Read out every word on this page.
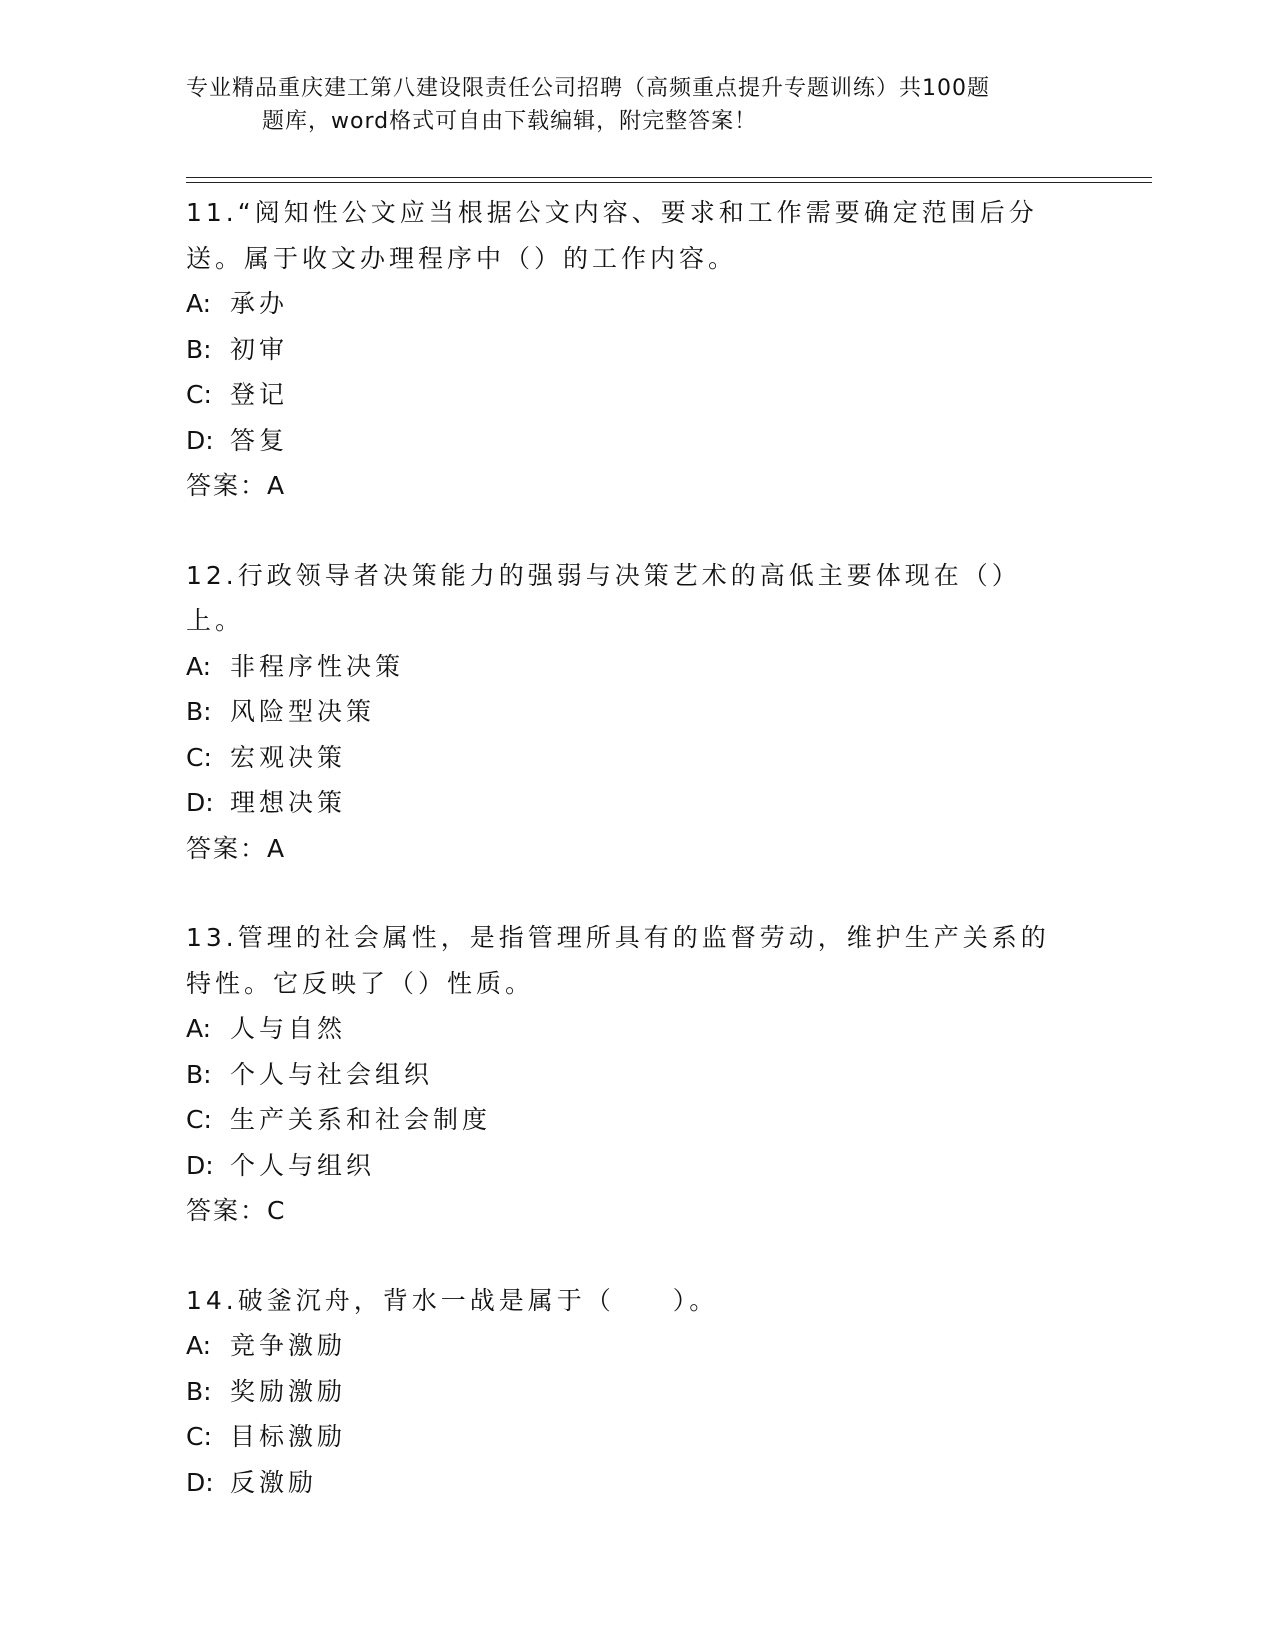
专业精品重庆建工第八建设限责任公司招聘（高频重点提升专题训练）共100题

题库，word格式可自由下载编辑，附完整答案！
11.“阅知性公文应当根据公文内容、要求和工作需要确定范围后分送。属于收文办理程序中（）的工作内容。
A: 承办
B: 初审
C: 登记
D: 答复
答案：A
12.行政领导者决策能力的强弱与决策艺术的高低主要体现在（）上。
A: 非程序性决策
B: 风险型决策
C: 宏观决策
D: 理想决策
答案：A
13.管理的社会属性，是指管理所具有的监督劳动，维护生产关系的特性。它反映了（）性质。
A: 人与自然
B: 个人与社会组织
C: 生产关系和社会制度
D: 个人与组织
答案：C
14.破釜沉舟，背水一战是属于（　　）。
A: 竞争激励
B: 奖励激励
C: 目标激励
D: 反激励
